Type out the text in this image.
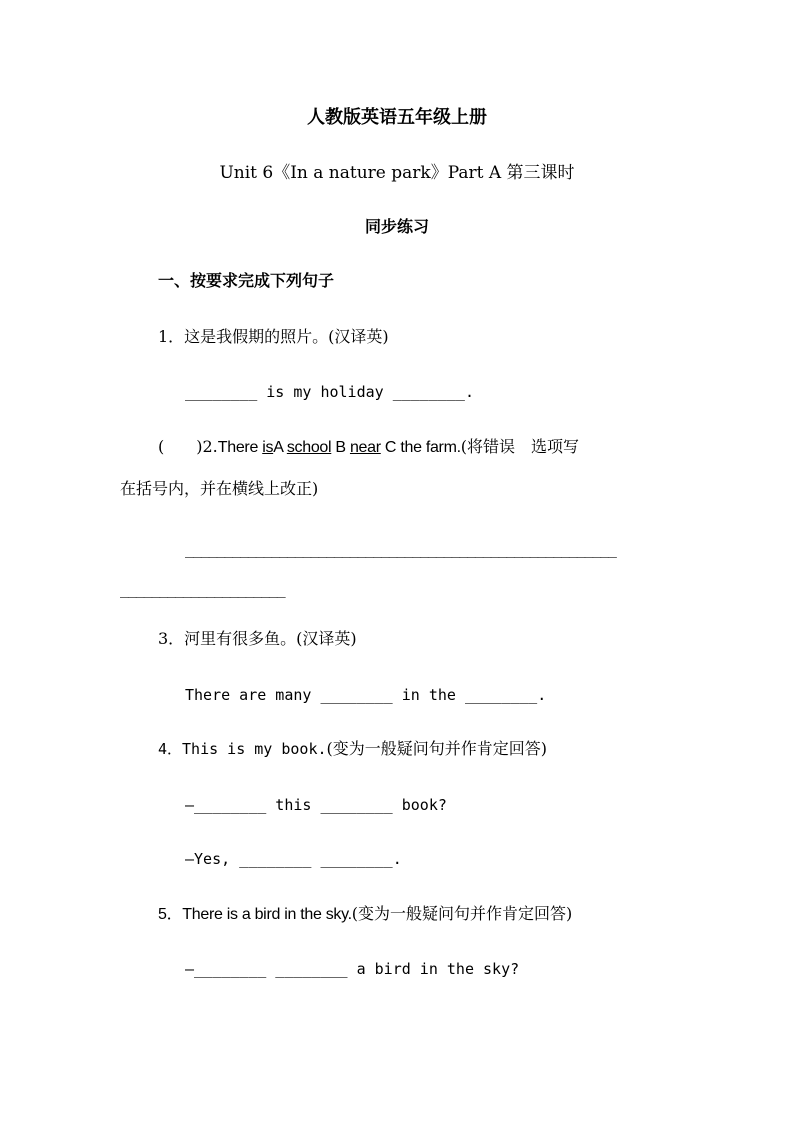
人教版英语五年级上册
Unit 6《In a nature park》Part A 第三课时
同步练习
一、按要求完成下列句子
1．这是我假期的照片。(汉译英)
________ is my holiday ________.
(　　)2.There isA school B near C the farm.(将错误　选项写
在括号内，并在横线上改正)
_______________________________________________________
_____________________
3．河里有很多鱼。(汉译英)
There are many ________ in the ________.
4．This is my book.(变为一般疑问句并作肯定回答)
—________ this ________ book?
—Yes, ________ ________.
5．There is a bird in the sky.(变为一般疑问句并作肯定回答)
—________ ________ a bird in the sky?
